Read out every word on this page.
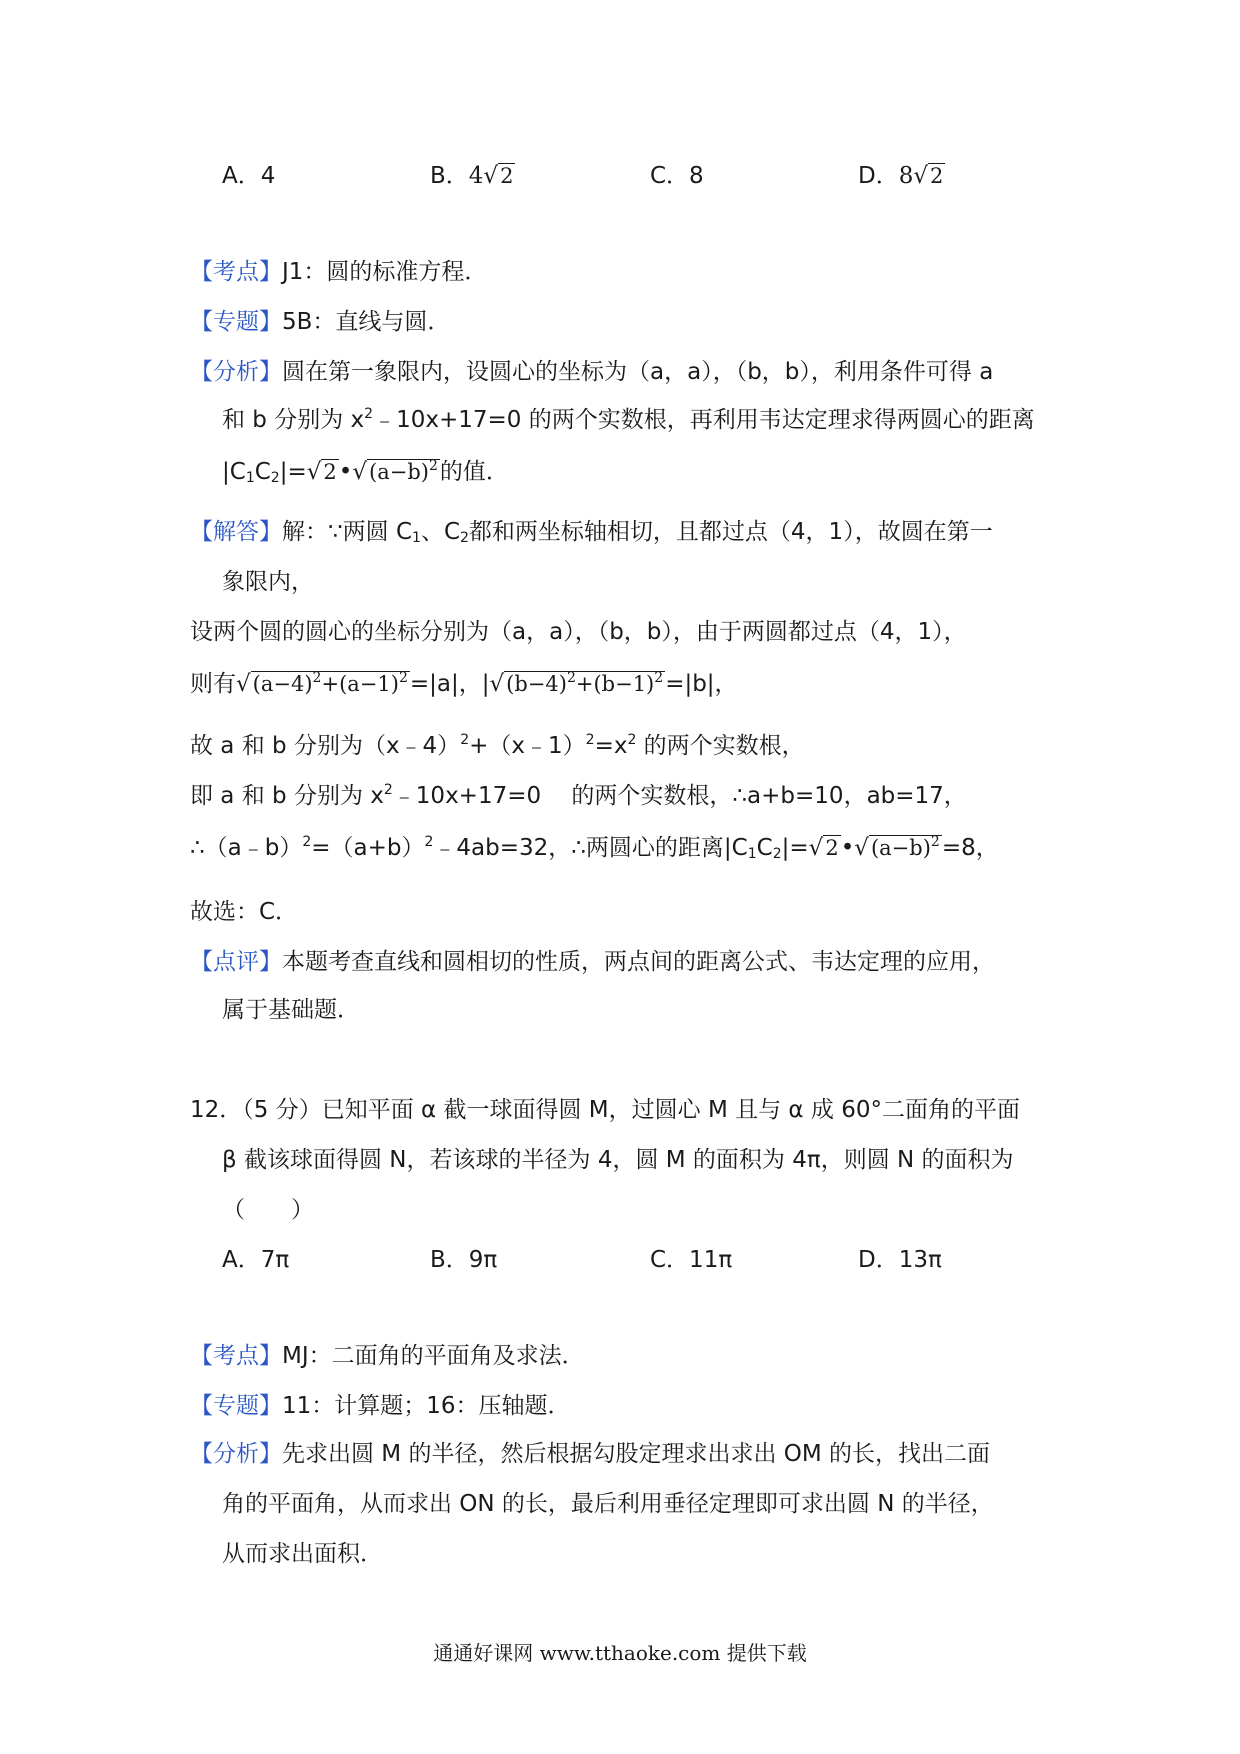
A．4	B．4√2	C．8	D．8√2
【考点】J1：圆的标准方程．
【专题】5B：直线与圆．
【分析】圆在第一象限内，设圆心的坐标为（a，a），（b，b），利用条件可得 a
和 b 分别为 $x^2﹣10x+17=0$ 的两个实数根，再利用韦达定理求得两圆心的距离
$|C_1C_2|=√2•√(a-b)^2$的值．
【解答】解：∵两圆 $C_1$、$C_2$都和两坐标轴相切，且都过点（4，1），故圆在第一
象限内，
设两个圆的圆心的坐标分别为（a，a），（b，b），由于两圆都过点（4，1），
则有$√(a-4)^2+(a-1)^2=|a|$，$|√(b-4)^2+(b-1)^2=|b|$，
故 a 和 b 分别为$(x﹣4)^2+(x﹣1)^2=x^2$ 的两个实数根，
即 a 和 b 分别为 $x^2﹣10x+17=0$　 的两个实数根，∴a+b=10，ab=17，
$\therefore(a﹣b)^2=(a+b)^2﹣4ab=32$，∴两圆心的距离$|C_1C_2|=√2•√(a-b)^2=8$，
故选：C．
【点评】本题考查直线和圆相切的性质，两点间的距离公式、韦达定理的应用，
属于基础题．
12．（5 分）已知平面 α 截一球面得圆 M，过圆心 M 且与 α 成 60°二面角的平面
β 截该球面得圆 N，若该球的半径为 4，圆 M 的面积为 4π，则圆 N 的面积为
（　　）
A．7π	B．9π	C．11π	D．13π
【考点】MJ：二面角的平面角及求法．
【专题】11：计算题；16：压轴题．
【分析】先求出圆 M 的半径，然后根据勾股定理求出求出 OM 的长，找出二面
角的平面角，从而求出 ON 的长，最后利用垂径定理即可求出圆 N 的半径，
从而求出面积．
通通好课网 www.tthaoke.com 提供下载
